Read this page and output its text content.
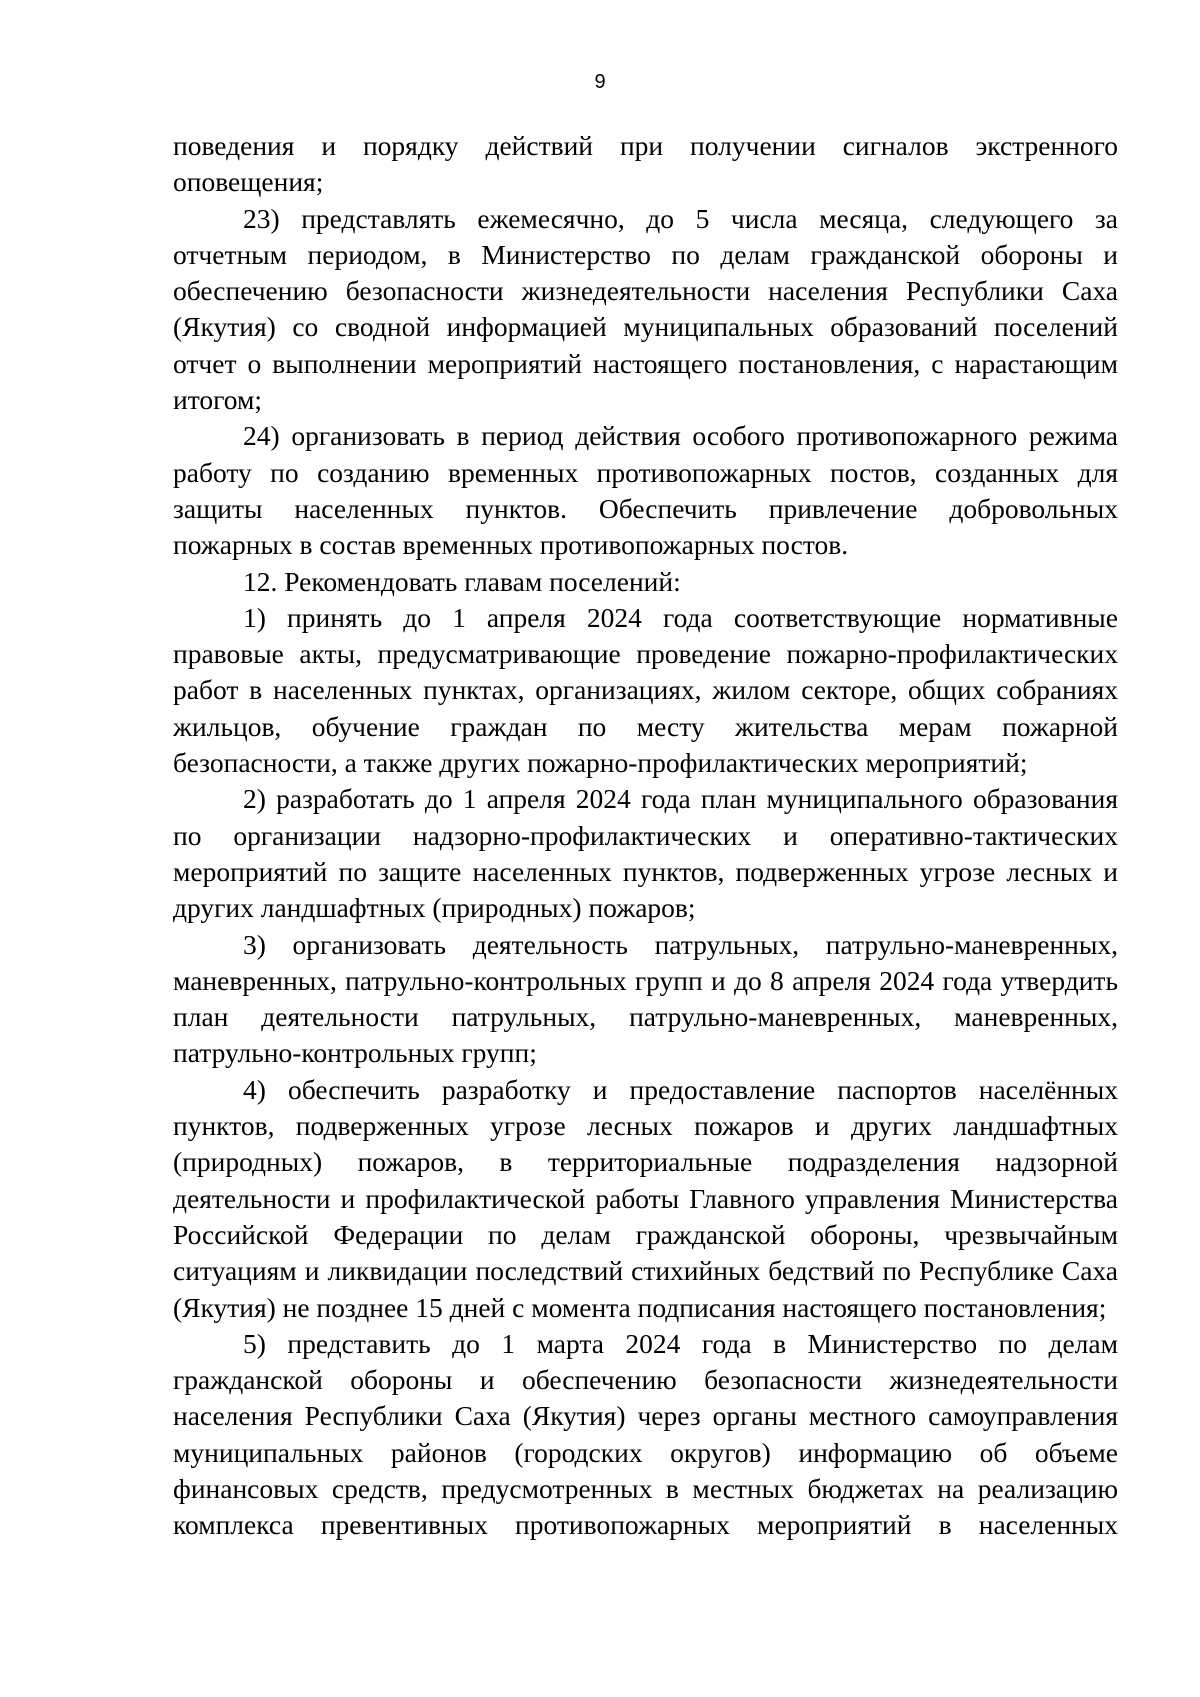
9

поведения и порядку действий при получении сигналов экстренного оповещения;

23) представлять ежемесячно, до 5 числа месяца, следующего за отчетным периодом, в Министерство по делам гражданской обороны и обеспечению безопасности жизнедеятельности населения Республики Саха (Якутия) со сводной информацией муниципальных образований поселений отчет о выполнении мероприятий настоящего постановления, с нарастающим итогом;

24) организовать в период действия особого противопожарного режима работу по созданию временных противопожарных постов, созданных для защиты населенных пунктов. Обеспечить привлечение добровольных пожарных в состав временных противопожарных постов.

12. Рекомендовать главам поселений:

1) принять до 1 апреля 2024 года соответствующие нормативные правовые акты, предусматривающие проведение пожарно-профилактических работ в населенных пунктах, организациях, жилом секторе, общих собраниях жильцов, обучение граждан по месту жительства мерам пожарной безопасности, а также других пожарно-профилактических мероприятий;

2) разработать до 1 апреля 2024 года план муниципального образования по организации надзорно-профилактических и оперативно-тактических мероприятий по защите населенных пунктов, подверженных угрозе лесных и других ландшафтных (природных) пожаров;

3) организовать деятельность патрульных, патрульно-маневренных, маневренных, патрульно-контрольных групп и до 8 апреля 2024 года утвердить план деятельности патрульных, патрульно-маневренных, маневренных, патрульно-контрольных групп;

4) обеспечить разработку и предоставление паспортов населённых пунктов, подверженных угрозе лесных пожаров и других ландшафтных (природных) пожаров, в территориальные подразделения надзорной деятельности и профилактической работы Главного управления Министерства Российской Федерации по делам гражданской обороны, чрезвычайным ситуациям и ликвидации последствий стихийных бедствий по Республике Саха (Якутия) не позднее 15 дней с момента подписания настоящего постановления;

5) представить до 1 марта 2024 года в Министерство по делам гражданской обороны и обеспечению безопасности жизнедеятельности населения Республики Саха (Якутия) через органы местного самоуправления муниципальных районов (городских округов) информацию об объеме финансовых средств, предусмотренных в местных бюджетах на реализацию комплекса превентивных противопожарных мероприятий в населенных
